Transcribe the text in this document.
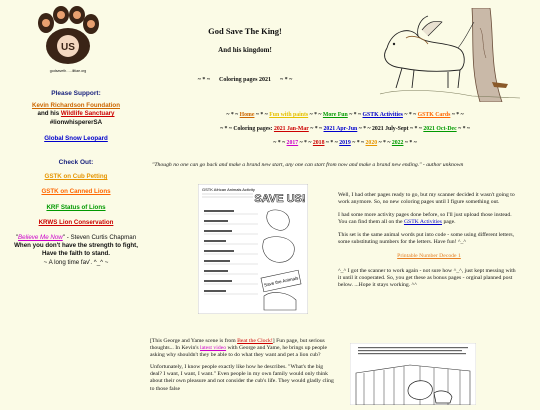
US
godsaveth…..ilitiae.org
Please Support:
Kevin Richardson Foundation
and his Wildlife Sanctuary
#lionwhispererSA
Global Snow Leopard
Check Out:
GSTK on Cub Petting
GSTK on Canned Lions
KRF Status of Lions
KRWS Lion Conservation
"Believe Me Now" - Steven Curtis Chapman
When you don't have the strength to fight,
Have the faith to stand.
~ A long time fav'. ^_^ ~
God Save The King!
And his kingdom!
~ * ~      Coloring pages 2021      ~ * ~
~ * ~ Home ~ * ~ Fun with paints ~ * ~ More Fun ~ * ~ GSTK Activities ~ * ~ GSTK Cards ~ * ~
~ * ~ Coloring pages: 2021 Jan-Mar ~ * ~ 2021 Apr-Jun ~ * ~ 2021 July-Sept ~ * ~ 2021 Oct-Dec ~ * ~
~ * ~ 2017 ~ * ~ 2018 ~ * ~ 2019 ~ * ~ 2020 ~ * ~ 2022 ~ * ~
"Though no one can go back and make a brand new start, any one can start from now and make a brand new ending." - author unknown
GSTK African Animals Activity
SAVE US!
Save the Animals

Well, I had other pages ready to go, but my scanner decided it wasn't going to work anymore. So, no new coloring pages until I figure something out.

I had some more activity pages done before, so I'll just upload those instead. You can find them all on the GSTK Activities page.

This set is the same animal words put into code - some using different letters, some substituting numbers for the letters. Have fun! ^_^

Printable Number Decode 1

^_^ I got the scanner to work again - not sure how ^_^, just kept messing with it until it cooperated. So, you get these as bonus pages - orginal planned post below. ...Hope it stays working. ^^

[This George and Yame scene is from Beat the Clock!] Fun page, but serious thoughts... In Kevin's latest video with George and Yame, he brings up people asking why shouldn't they be able to do what they want and pet a lion cub?

Unfortunately, I know people exactly like how he describes. "What's the big deal? I want, I want, I want." Even people in my own family would only think about their own pleasure and not consider the cub's life. They would gladly cling to those false
